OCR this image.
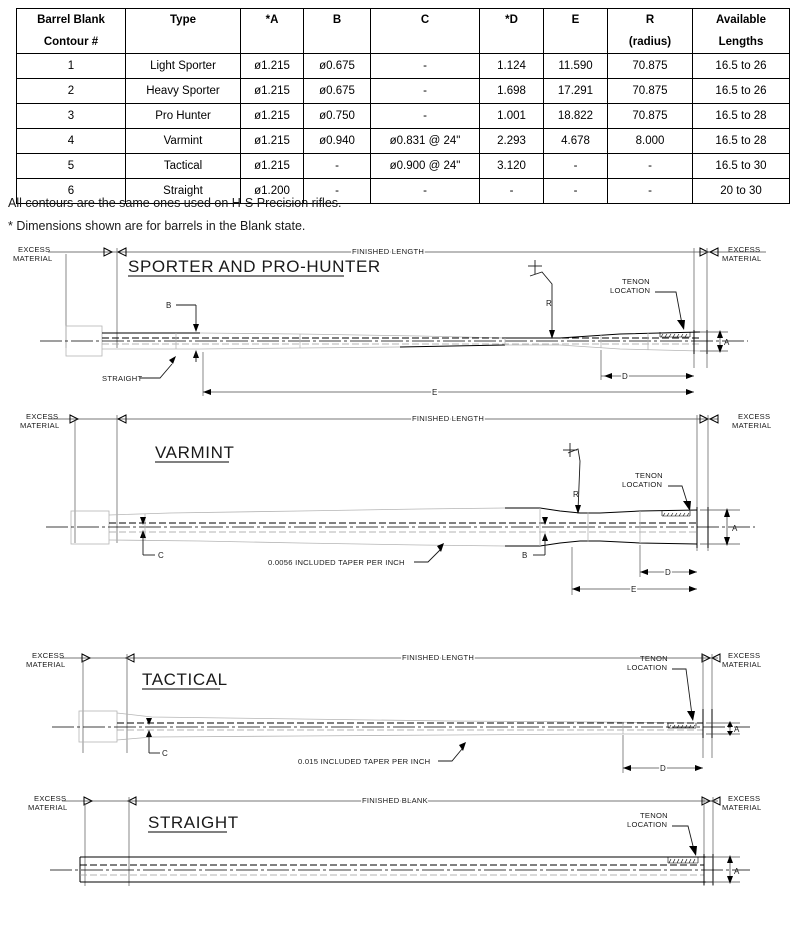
Barrel Blank	Type	*A	B	C	*D	E	R	Available
Contour #							(radius)	Lengths
1	Light Sporter	ø1.215	ø0.675	-	1.124	11.590	70.875	16.5 to 26
2	Heavy Sporter	ø1.215	ø0.675	-	1.698	17.291	70.875	16.5 to 26
3	Pro Hunter	ø1.215	ø0.750	-	1.001	18.822	70.875	16.5 to 28
4	Varmint	ø1.215	ø0.940	ø0.831 @ 24"	2.293	4.678	8.000	16.5 to 28
5	Tactical	ø1.215	-	ø0.900 @ 24"	3.120	-	-	16.5 to 30
6	Straight	ø1.200	-	-	-	-	-	20 to 30
All contours are the same ones used on H-S Precision rifles.
* Dimensions shown are for barrels in the Blank state.
EXCESS
MATERIAL
EXCESS
MATERIAL
FINISHED LENGTH
SPORTER AND PRO-HUNTER
B
STRAIGHT
R
TENON
LOCATION
A
D
E
EXCESS
MATERIAL
EXCESS
MATERIAL
FINISHED LENGTH
VARMINT
C
0.0056 INCLUDED TAPER PER INCH
B
R
TENON
LOCATION
A
D
E
EXCESS
MATERIAL
EXCESS
MATERIAL
FINISHED LENGTH
TACTICAL
C
0.015 INCLUDED TAPER PER INCH
TENON
LOCATION
A
D
EXCESS
MATERIAL
EXCESS
MATERIAL
FINISHED BLANK
STRAIGHT	TENON
LOCATION
A
